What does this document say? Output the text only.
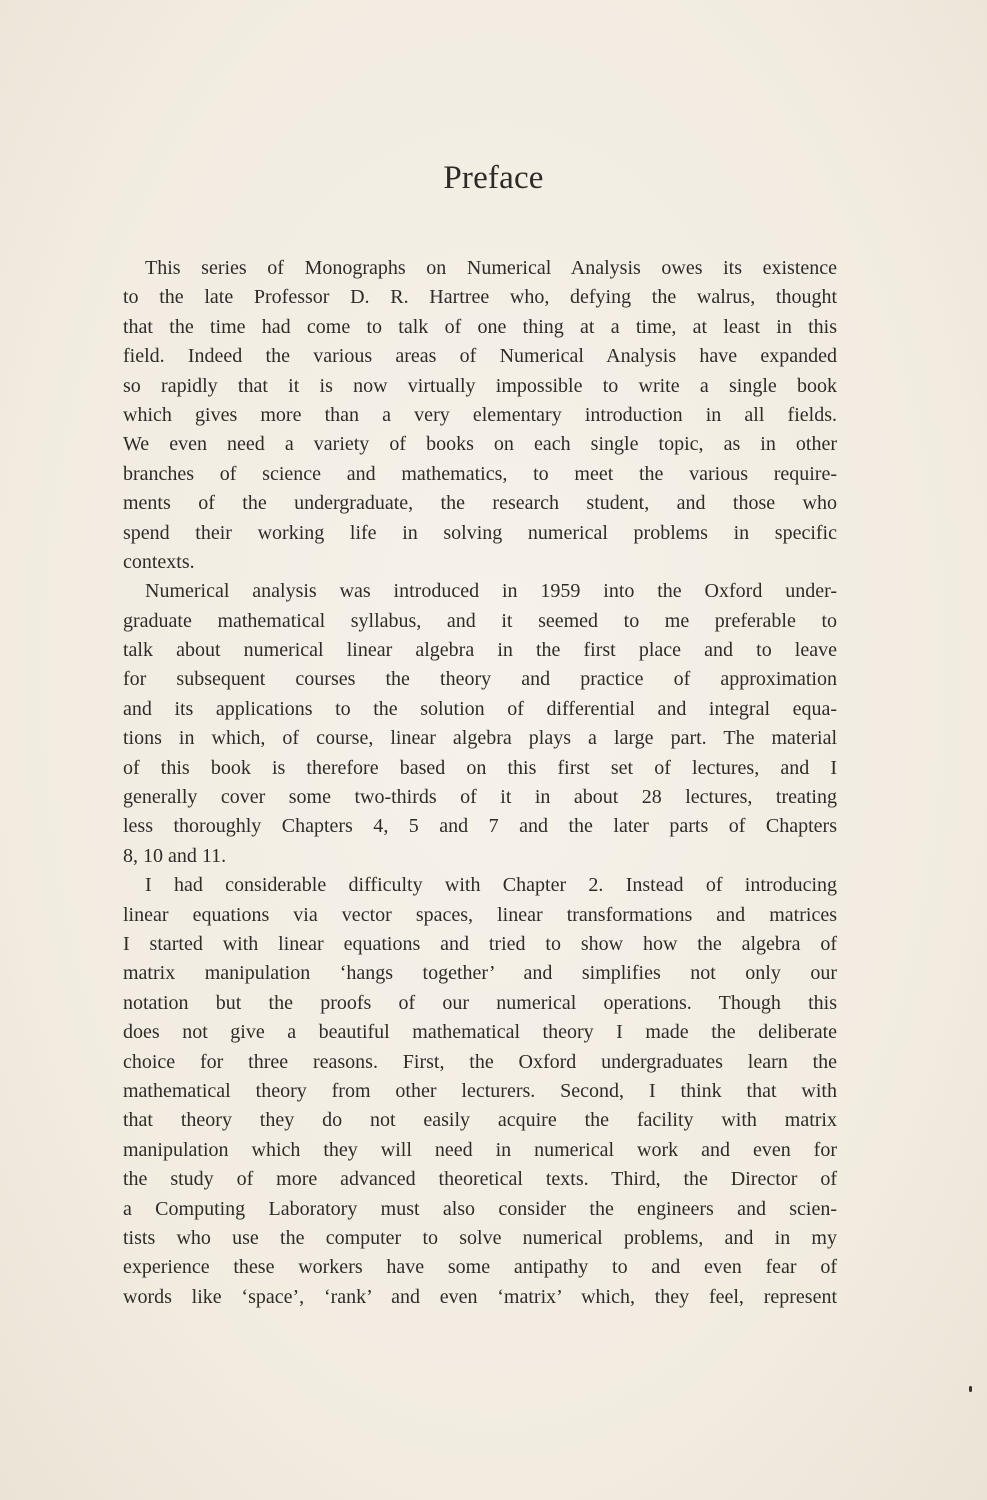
Preface
This series of Monographs on Numerical Analysis owes its existence
to the late Professor D. R. Hartree who, defying the walrus, thought
that the time had come to talk of one thing at a time, at least in this
field. Indeed the various areas of Numerical Analysis have expanded
so rapidly that it is now virtually impossible to write a single book
which gives more than a very elementary introduction in all fields.
We even need a variety of books on each single topic, as in other
branches of science and mathematics, to meet the various require-
ments of the undergraduate, the research student, and those who
spend their working life in solving numerical problems in specific
contexts.
Numerical analysis was introduced in 1959 into the Oxford under-
graduate mathematical syllabus, and it seemed to me preferable to
talk about numerical linear algebra in the first place and to leave
for subsequent courses the theory and practice of approximation
and its applications to the solution of differential and integral equa-
tions in which, of course, linear algebra plays a large part. The material
of this book is therefore based on this first set of lectures, and I
generally cover some two-thirds of it in about 28 lectures, treating
less thoroughly Chapters 4, 5 and 7 and the later parts of Chapters
8, 10 and 11.
I had considerable difficulty with Chapter 2. Instead of introducing
linear equations via vector spaces, linear transformations and matrices
I started with linear equations and tried to show how the algebra of
matrix manipulation ‘hangs together’ and simplifies not only our
notation but the proofs of our numerical operations. Though this
does not give a beautiful mathematical theory I made the deliberate
choice for three reasons. First, the Oxford undergraduates learn the
mathematical theory from other lecturers. Second, I think that with
that theory they do not easily acquire the facility with matrix
manipulation which they will need in numerical work and even for
the study of more advanced theoretical texts. Third, the Director of
a Computing Laboratory must also consider the engineers and scien-
tists who use the computer to solve numerical problems, and in my
experience these workers have some antipathy to and even fear of
words like ‘space’, ‘rank’ and even ‘matrix’ which, they feel, represent
